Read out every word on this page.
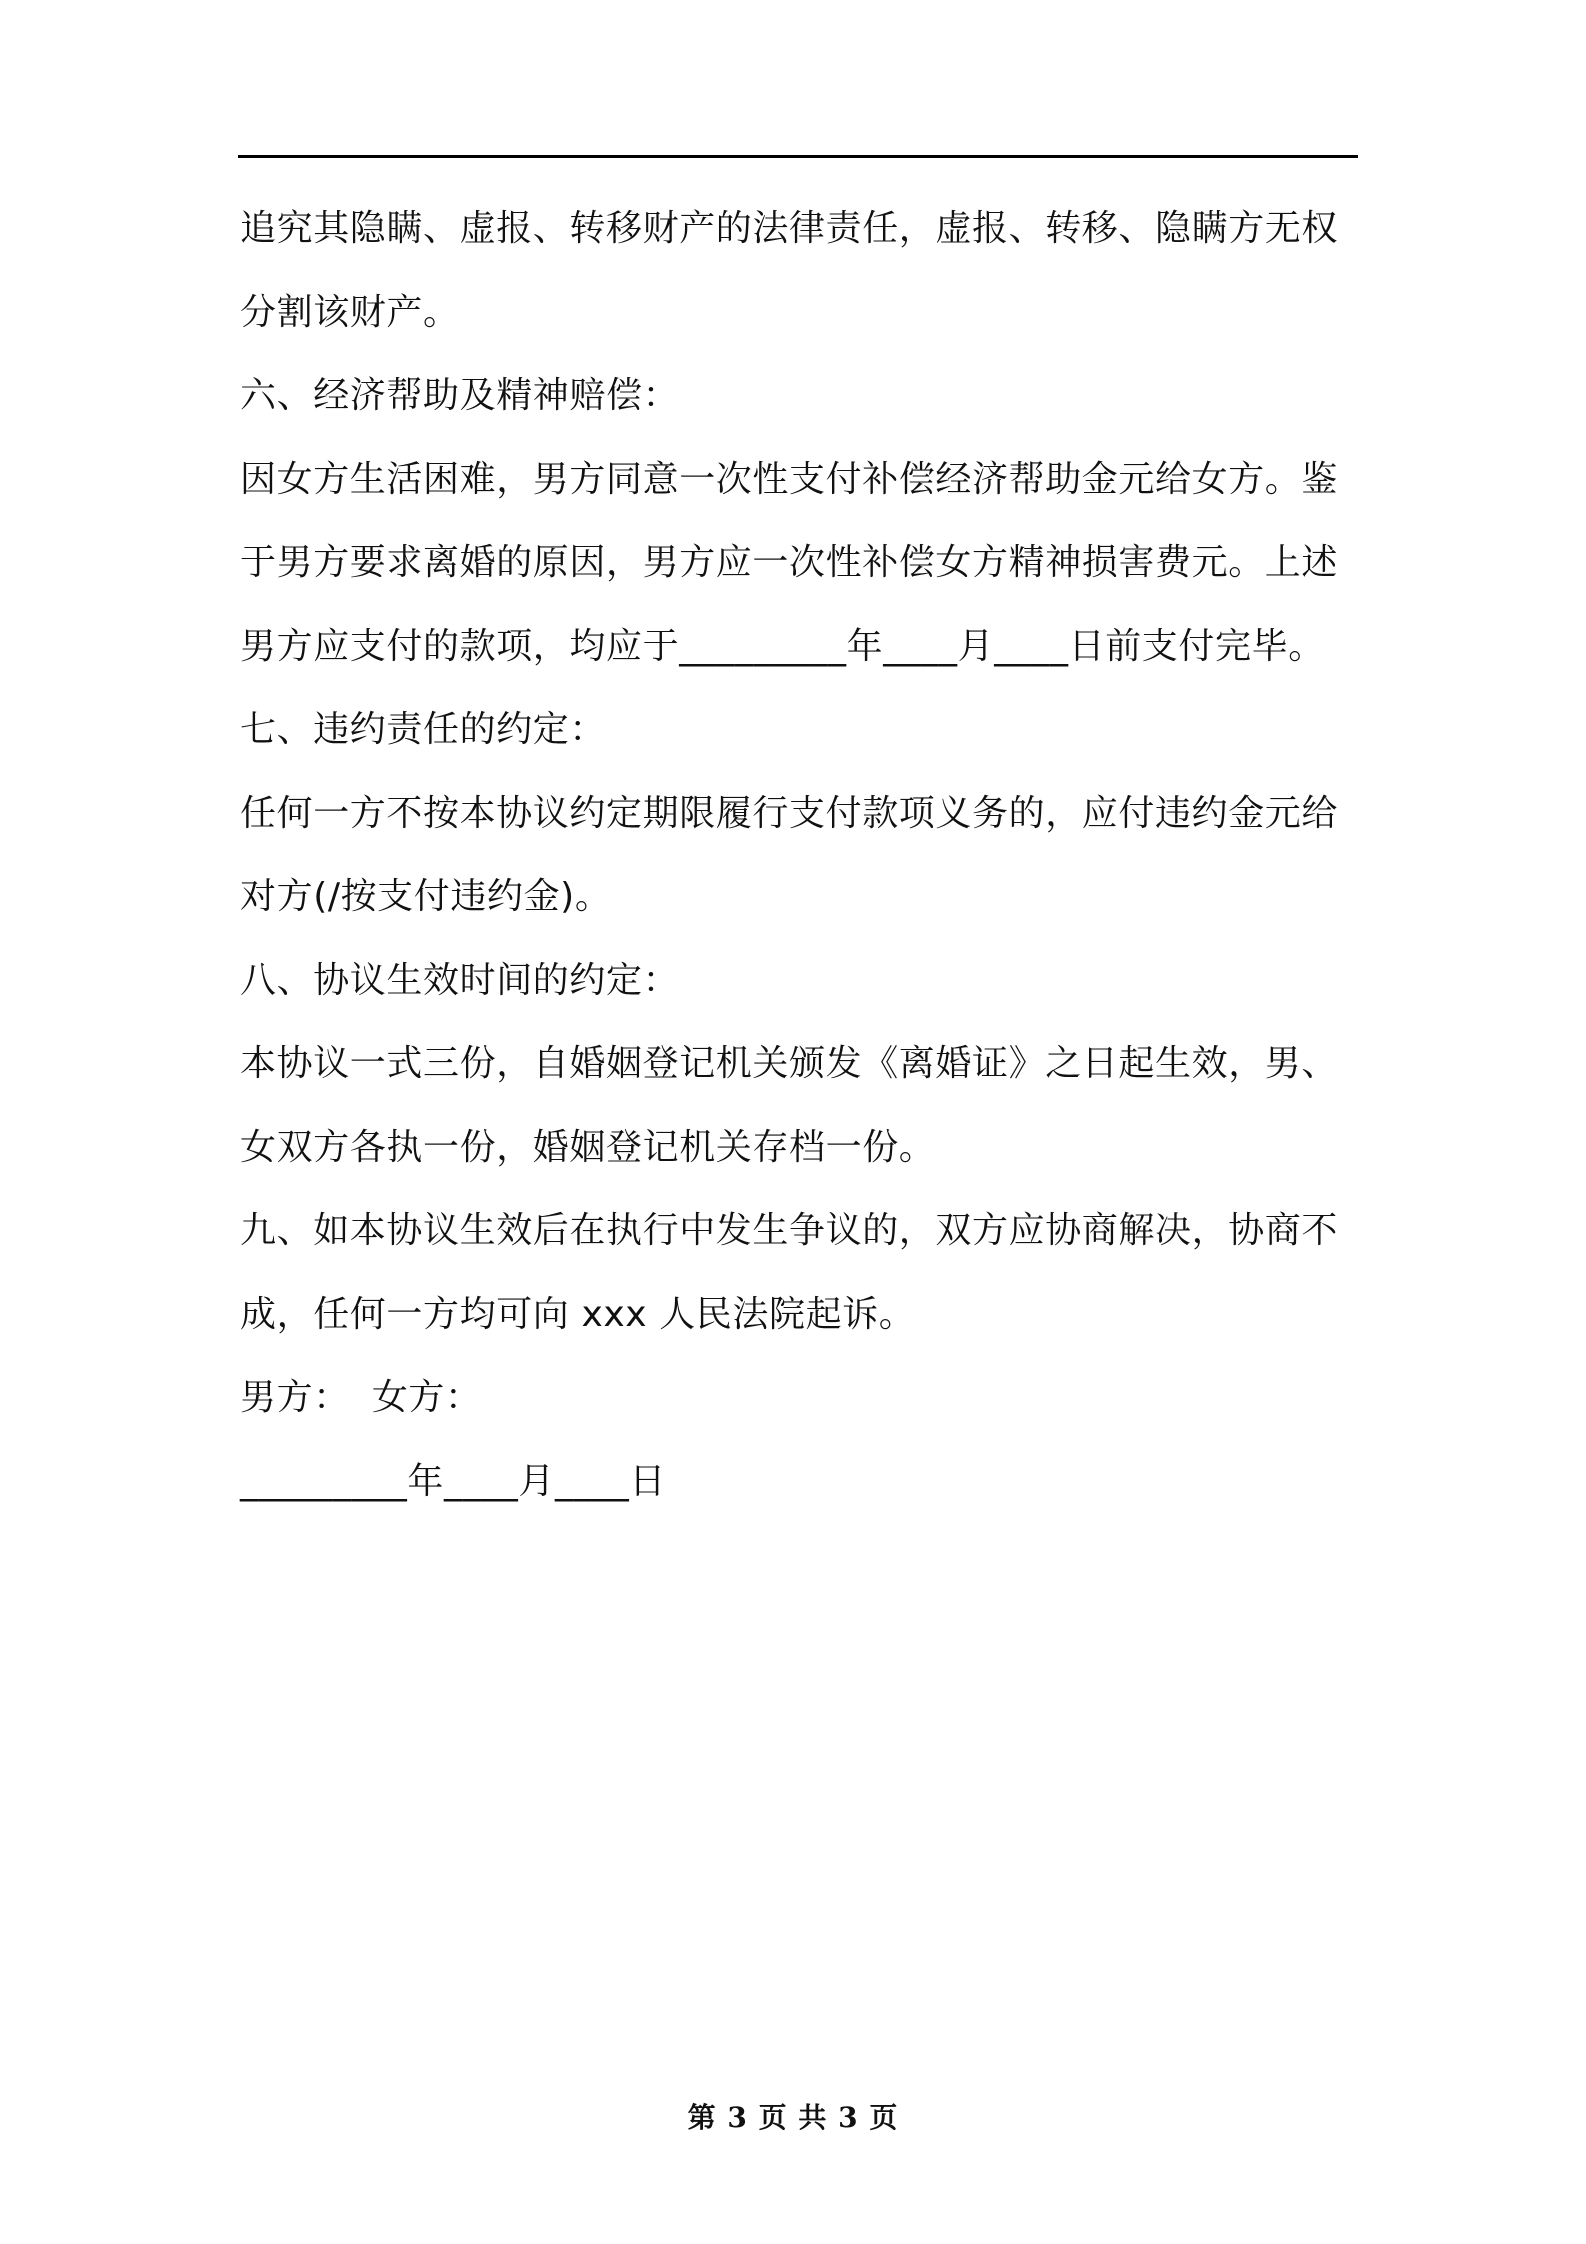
追究其隐瞒、虚报、转移财产的法律责任，虚报、转移、隐瞒方无权
分割该财产。
六、经济帮助及精神赔偿：
因女方生活困难，男方同意一次性支付补偿经济帮助金元给女方。鉴
于男方要求离婚的原因，男方应一次性补偿女方精神损害费元。上述
男方应支付的款项，均应于_________年____月____日前支付完毕。
七、违约责任的约定：
任何一方不按本协议约定期限履行支付款项义务的，应付违约金元给
对方(/按支付违约金)。
八、协议生效时间的约定：
本协议一式三份，自婚姻登记机关颁发《离婚证》之日起生效，男、
女双方各执一份，婚姻登记机关存档一份。
九、如本协议生效后在执行中发生争议的，双方应协商解决，协商不
成，任何一方均可向 xxx 人民法院起诉。
男方： 女方：
_________年____月____日
第 3 页 共 3 页
